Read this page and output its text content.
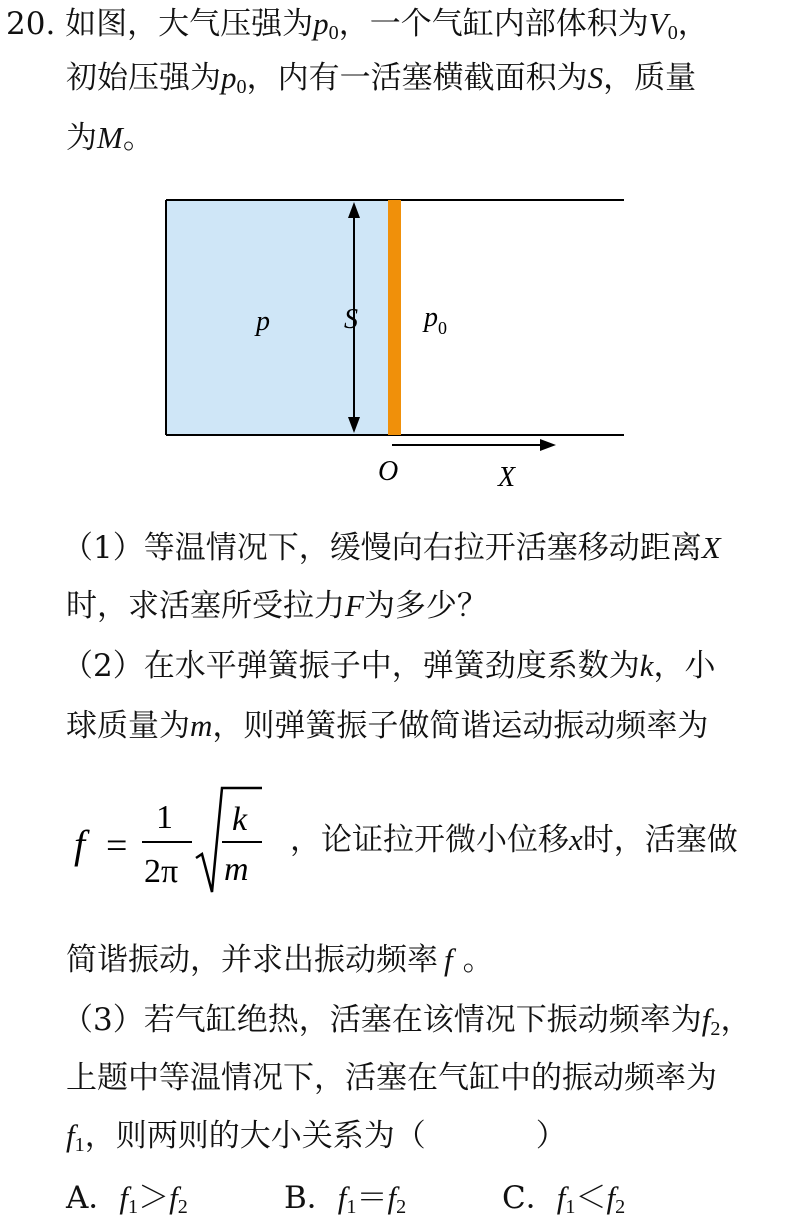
20. 如图，大气压强为$p_0$，一个气缸内部体积为$V_0$，
初始压强为$p_0$，内有一活塞横截面积为S，质量
为M。
p	S $p_0$
O	X
（1）等温情况下，缓慢向右拉开活塞移动距离X
时，求活塞所受拉力F为多少？
（2）在水平弹簧振子中，弹簧劲度系数为k，小
球质量为m，则弹簧振子做简谐运动振动频率为
f =
1
2π
k
m
，论证拉开微小位移x时，活塞做
简谐振动，并求出振动频率 f 。
（3）若气缸绝热，活塞在该情况下振动频率为$f_2$，
上题中等温情况下，活塞在气缸中的振动频率为
$f_1$，则两则的大小关系为（	）
A．$f_1>f_2$	B．$f_1=f_2$	C．$f_1<f_2$
